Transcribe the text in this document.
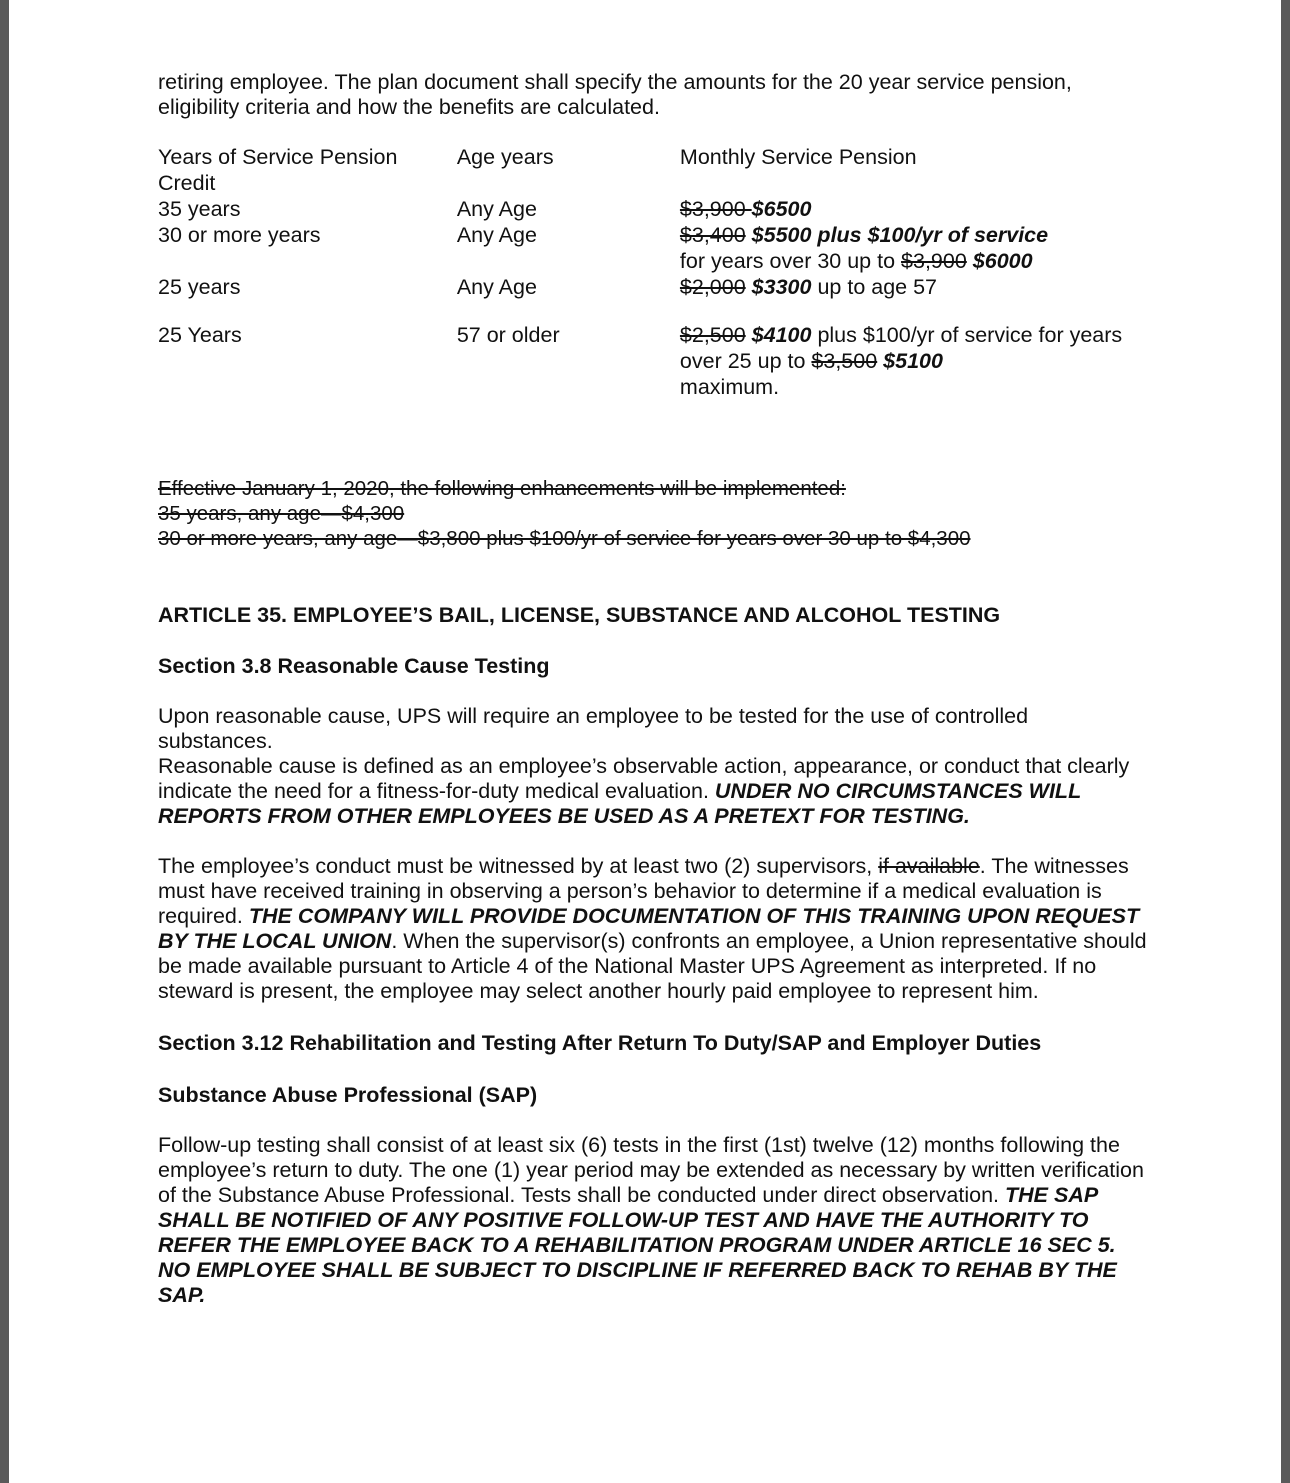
retiring employee. The plan document shall specify the amounts for the 20 year service pension, eligibility criteria and how the benefits are calculated.

Years of Service Pension Credit	Age years	Monthly Service Pension
35 years	Any Age	$3,900 $6500
30 or more years	Any Age	$3,400 $5500 plus $100/yr of service
for years over 30 up to $3,900 $6000
25 years	Any Age	$2,000 $3300 up to age 57
25 Years	57 or older	$2,500 $4100 plus $100/yr of service for years over 25 up to $3,500 $5100
maximum.
Effective January 1, 2020, the following enhancements will be implemented:
35 years, any age—$4,300
30 or more years, any age—$3,800 plus $100/yr of service for years over 30 up to $4,300

ARTICLE 35. EMPLOYEE’S BAIL, LICENSE, SUBSTANCE AND ALCOHOL TESTING

Section 3.8 Reasonable Cause Testing

Upon reasonable cause, UPS will require an employee to be tested for the use of controlled substances.

Reasonable cause is defined as an employee’s observable action, appearance, or conduct that clearly indicate the need for a fitness-for-duty medical evaluation. UNDER NO CIRCUMSTANCES WILL REPORTS FROM OTHER EMPLOYEES BE USED AS A PRETEXT FOR TESTING.

The employee’s conduct must be witnessed by at least two (2) supervisors, if available. The witnesses must have received training in observing a person’s behavior to determine if a medical evaluation is required. THE COMPANY WILL PROVIDE DOCUMENTATION OF THIS TRAINING UPON REQUEST BY THE LOCAL UNION. When the supervisor(s) confronts an employee, a Union representative should be made available pursuant to Article 4 of the National Master UPS Agreement as interpreted. If no steward is present, the employee may select another hourly paid employee to represent him.

Section 3.12 Rehabilitation and Testing After Return To Duty/SAP and Employer Duties

Substance Abuse Professional (SAP)

Follow-up testing shall consist of at least six (6) tests in the first (1st) twelve (12) months following the employee’s return to duty. The one (1) year period may be extended as necessary by written verification of the Substance Abuse Professional. Tests shall be conducted under direct observation. THE SAP SHALL BE NOTIFIED OF ANY POSITIVE FOLLOW-UP TEST AND HAVE THE AUTHORITY TO REFER THE EMPLOYEE BACK TO A REHABILITATION PROGRAM UNDER ARTICLE 16 SEC 5. NO EMPLOYEE SHALL BE SUBJECT TO DISCIPLINE IF REFERRED BACK TO REHAB BY THE SAP.
